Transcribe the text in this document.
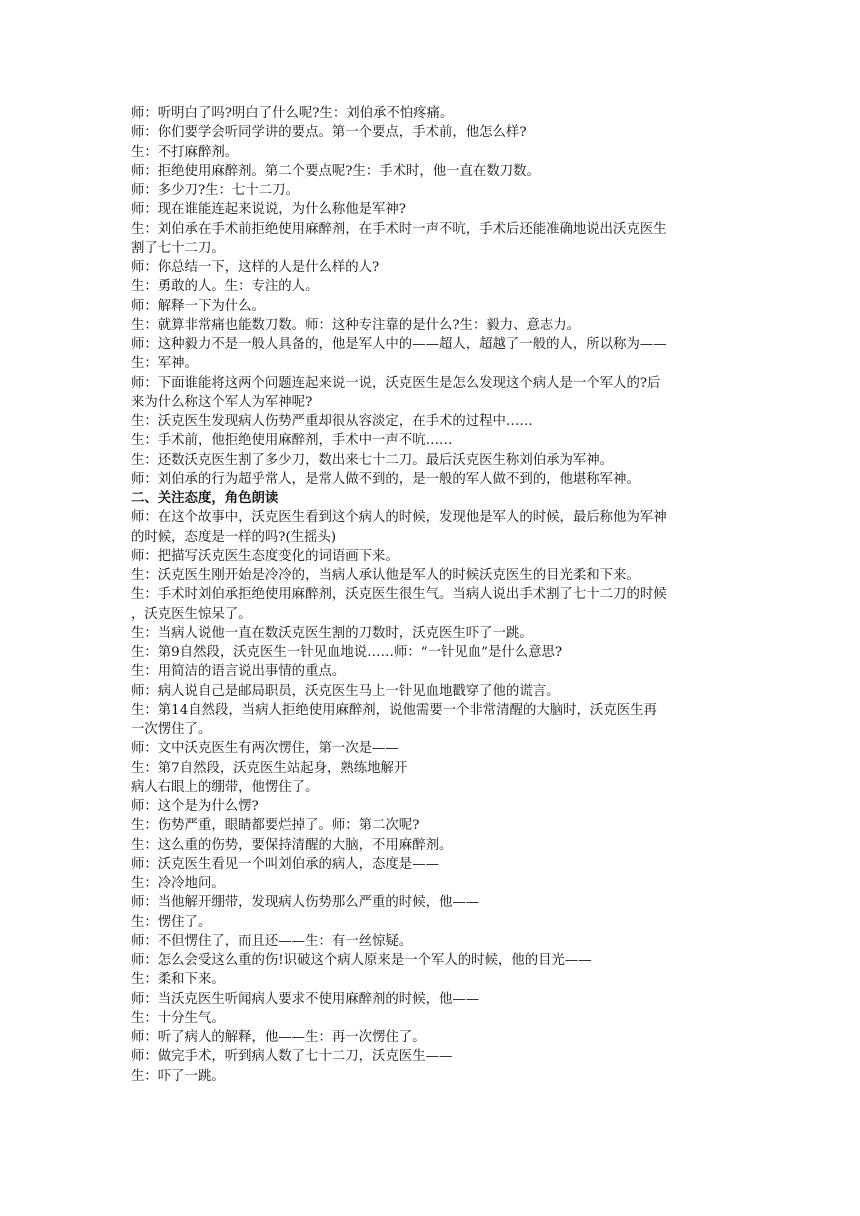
师：听明白了吗?明白了什么呢?生：刘伯承不怕疼痛。

师：你们要学会听同学讲的要点。第一个要点，手术前，他怎么样?

生：不打麻醉剂。

师：拒绝使用麻醉剂。第二个要点呢?生：手术时，他一直在数刀数。

师：多少刀?生：七十二刀。

师：现在谁能连起来说说，为什么称他是军神?

生：刘伯承在手术前拒绝使用麻醉剂，在手术时一声不吭，手术后还能准确地说出沃克医生

割了七十二刀。

师：你总结一下，这样的人是什么样的人?

生：勇敢的人。生：专注的人。

师：解释一下为什么。

生：就算非常痛也能数刀数。师：这种专注靠的是什么?生：毅力、意志力。

师：这种毅力不是一般人具备的，他是军人中的——超人，超越了一般的人，所以称为——

生：军神。

师：下面谁能将这两个问题连起来说一说，沃克医生是怎么发现这个病人是一个军人的?后

来为什么称这个军人为军神呢?

生：沃克医生发现病人伤势严重却很从容淡定，在手术的过程中……

生：手术前，他拒绝使用麻醉剂，手术中一声不吭……

生：还数沃克医生割了多少刀，数出来七十二刀。最后沃克医生称刘伯承为军神。

师：刘伯承的行为超乎常人，是常人做不到的，是一般的军人做不到的，他堪称军神。

二、关注态度，角色朗读

师：在这个故事中，沃克医生看到这个病人的时候，发现他是军人的时候，最后称他为军神

的时候，态度是一样的吗?(生摇头)

师：把描写沃克医生态度变化的词语画下来。

生：沃克医生刚开始是冷冷的，当病人承认他是军人的时候沃克医生的目光柔和下来。

生：手术时刘伯承拒绝使用麻醉剂，沃克医生很生气。当病人说出手术割了七十二刀的时候

，沃克医生惊呆了。

生：当病人说他一直在数沃克医生割的刀数时，沃克医生吓了一跳。

生：第9自然段，沃克医生一针见血地说……师：“一针见血”是什么意思?

生：用简洁的语言说出事情的重点。

师：病人说自己是邮局职员，沃克医生马上一针见血地戳穿了他的谎言。

生：第14自然段，当病人拒绝使用麻醉剂，说他需要一个非常清醒的大脑时，沃克医生再

一次愣住了。

师：文中沃克医生有两次愣住，第一次是——

生：第7自然段，沃克医生站起身，熟练地解开

病人右眼上的绷带，他愣住了。

师：这个是为什么愣?

生：伤势严重，眼睛都要烂掉了。师：第二次呢?

生：这么重的伤势，要保持清醒的大脑，不用麻醉剂。

师：沃克医生看见一个叫刘伯承的病人，态度是——

生：冷冷地问。

师：当他解开绷带，发现病人伤势那么严重的时候，他——

生：愣住了。

师：不但愣住了，而且还——生：有一丝惊疑。

师：怎么会受这么重的伤!识破这个病人原来是一个军人的时候，他的目光——

生：柔和下来。

师：当沃克医生听闻病人要求不使用麻醉剂的时候，他——

生：十分生气。

师：听了病人的解释，他——生：再一次愣住了。

师：做完手术，听到病人数了七十二刀，沃克医生——

生：吓了一跳。
